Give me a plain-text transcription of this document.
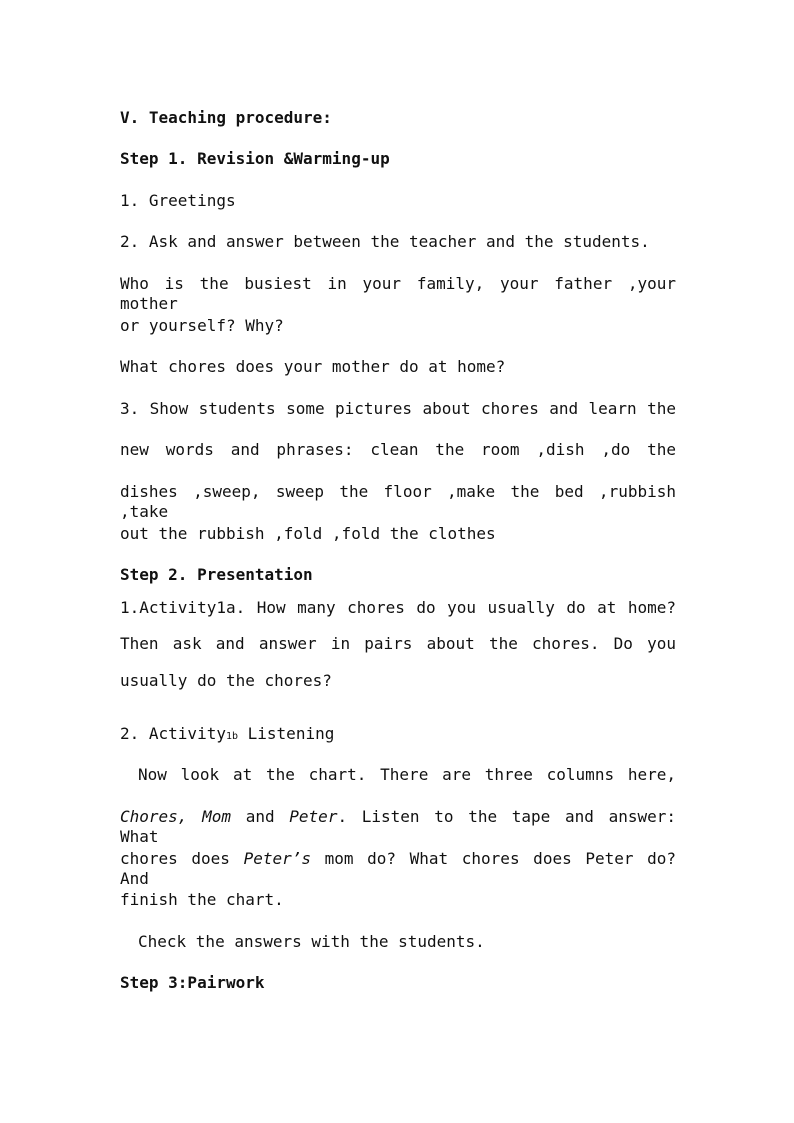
V. Teaching procedure:
Step 1. Revision &Warming-up
1. Greetings
2. Ask and answer between the teacher and the students.
Who is the busiest in your family, your father ,your mother
or yourself? Why?
What chores does your mother do at home?
3. Show students some pictures about chores and learn the
new words and phrases: clean the room ,dish ,do the
dishes ,sweep, sweep the floor ,make the bed ,rubbish ,take
out the rubbish ,fold ,fold the clothes
Step 2. Presentation
1.Activity1a. How many chores do you usually do at home?
Then ask and answer in pairs about the chores. Do you
usually do the chores?
2. Activity1b Listening
Now look at the chart. There are three columns here,
Chores, Mom and Peter. Listen to the tape and answer: What
chores does Peter’s mom do? What chores does Peter do? And
finish the chart.
Check the answers with the students.
Step 3:Pairwork
